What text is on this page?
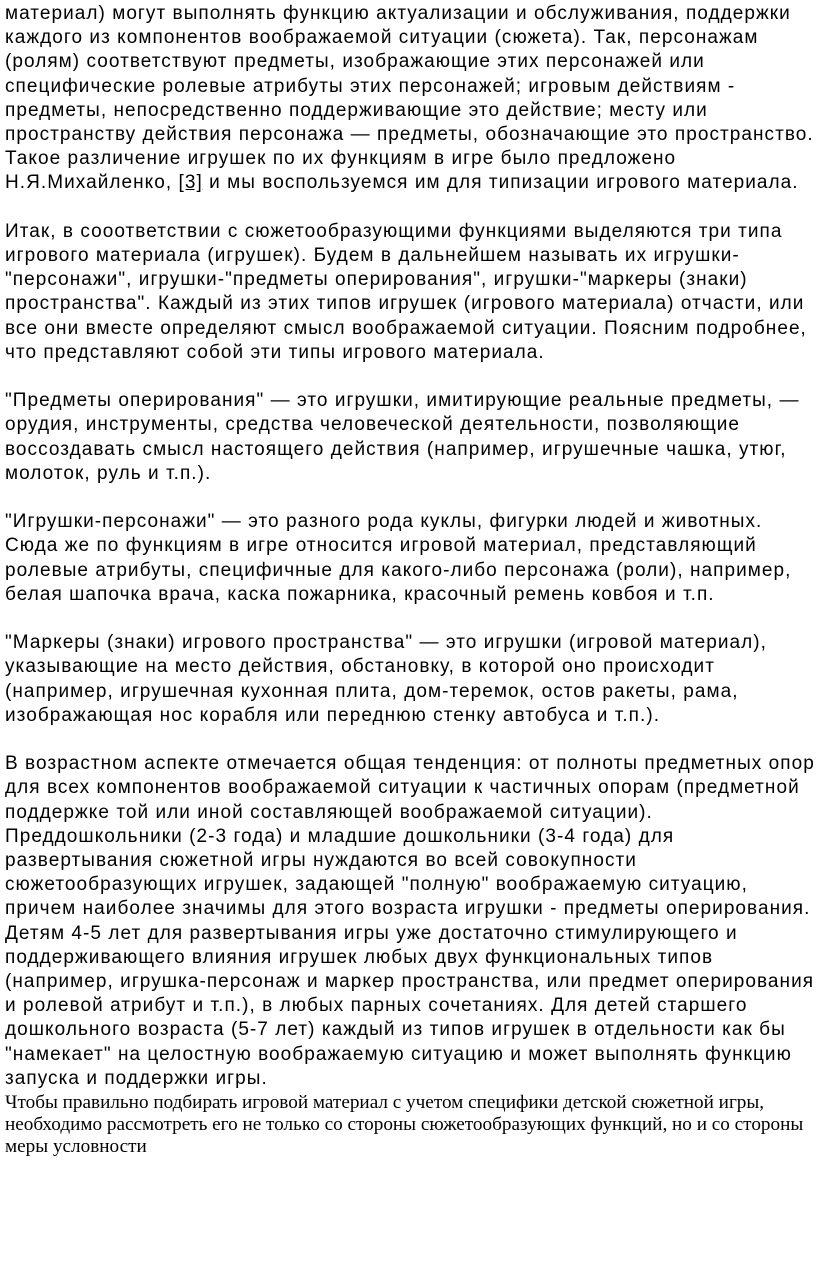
материал) могут выполнять функцию актуализации и обслуживания, поддержки каждого из компонентов воображаемой ситуации (сюжета). Так, персонажам (ролям) соответствуют предметы, изображающие этих персонажей или специфические ролевые атрибуты этих персонажей; игровым действиям - предметы, непосредственно поддерживающие это действие; месту или пространству действия персонажа — предметы, обозначающие это пространство. Такое различение игрушек по их функциям в игре было предложено Н.Я.Михайленко, [3] и мы воспользуемся им для типизации игрового материала.

Итак, в сооответствии с сюжетообразующими функциями выделяются три типа игрового материала (игрушек). Будем в дальнейшем называть их игрушки-"персонажи", игрушки-"предметы оперирования", игрушки-"маркеры (знаки) пространства". Каждый из этих типов игрушек (игрового материала) отчасти, или все они вместе определяют смысл воображаемой ситуации. Поясним подробнее, что представляют собой эти типы игрового материала.

"Предметы оперирования" — это игрушки, имитирующие реальные предметы, — орудия, инструменты, средства человеческой деятельности, позволяющие воссоздавать смысл настоящего действия (например, игрушечные чашка, утюг, молоток, руль и т.п.).

"Игрушки-персонажи" — это разного рода куклы, фигурки людей и животных. Сюда же по функциям в игре относится игровой материал, представляющий ролевые атрибуты, специфичные для какого-либо персонажа (роли), например, белая шапочка врача, каска пожарника, красочный ремень ковбоя и т.п.

"Маркеры (знаки) игрового пространства" — это игрушки (игровой материал), указывающие на место действия, обстановку, в которой оно происходит (например, игрушечная кухонная плита, дом-теремок, остов ракеты, рама, изображающая нос корабля или переднюю стенку автобуса и т.п.).

В возрастном аспекте отмечается общая тенденция: от полноты предметных опор для всех компонентов воображаемой ситуации к частичных опорам (предметной поддержке той или иной составляющей воображаемой ситуации). Преддошкольники (2-3 года) и младшие дошкольники (3-4 года) для развертывания сюжетной игры нуждаются во всей совокупности сюжетообразующих игрушек, задающей "полную" воображаемую ситуацию, причем наиболее значимы для этого возраста игрушки - предметы оперирования. Детям 4-5 лет для развертывания игры уже достаточно стимулирующего и поддерживающего влияния игрушек любых двух функциональных типов (например, игрушка-персонаж и маркер пространства, или предмет оперирования и ролевой атрибут и т.п.), в любых парных сочетаниях. Для детей старшего дошкольного возраста (5-7 лет) каждый из типов игрушек в отдельности как бы "намекает" на целостную воображаемую ситуацию и может выполнять функцию запуска и поддержки игры.

Чтобы правильно подбирать игровой материал с учетом специфики детской сюжетной игры, необходимо рассмотреть его не только со стороны сюжетообразующих функций, но и со стороны меры условности
